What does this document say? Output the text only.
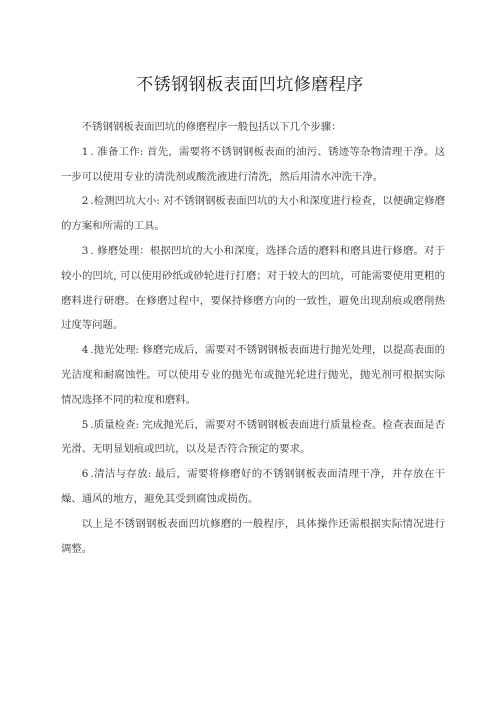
不锈钢钢板表面凹坑修磨程序

不锈钢钢板表面凹坑的修磨程序一般包括以下几个步骤：

1 . 准备工作: 首先，需要将不锈钢钢板表面的油污、锈迹等杂物清理干净。这一步可以使用专业的清洗剂或酸洗液进行清洗，然后用清水冲洗干净。

2 .检测凹坑大小: 对不锈钢钢板表面凹坑的大小和深度进行检查，以便确定修磨的方案和所需的工具。

3 . 修磨处理：根据凹坑的大小和深度，选择合适的磨料和磨具进行修磨。对于较小的凹坑, 可以使用砂纸或砂轮进行打磨；对于较大的凹坑，可能需要使用更粗的磨料进行研磨。在修磨过程中，要保持修磨方向的一致性，避免出现刮痕或磨削热过度等问题。

4 .抛光处理: 修磨完成后，需要对不锈钢钢板表面进行抛光处理，以提高表面的光洁度和耐腐蚀性。可以使用专业的抛光布或抛光轮进行抛光，抛光剂可根据实际情况选择不同的粒度和磨料。

5 .质量检查: 完成抛光后，需要对不锈钢钢板表面进行质量检查。检查表面是否光滑、无明显划痕或凹坑，以及是否符合预定的要求。

6 .清洁与存放: 最后，需要将修磨好的不锈钢钢板表面清理干净，并存放在干燥、通风的地方，避免其受到腐蚀或损伤。

以上是不锈钢钢板表面凹坑修磨的一般程序，具体操作还需根据实际情况进行调整。
